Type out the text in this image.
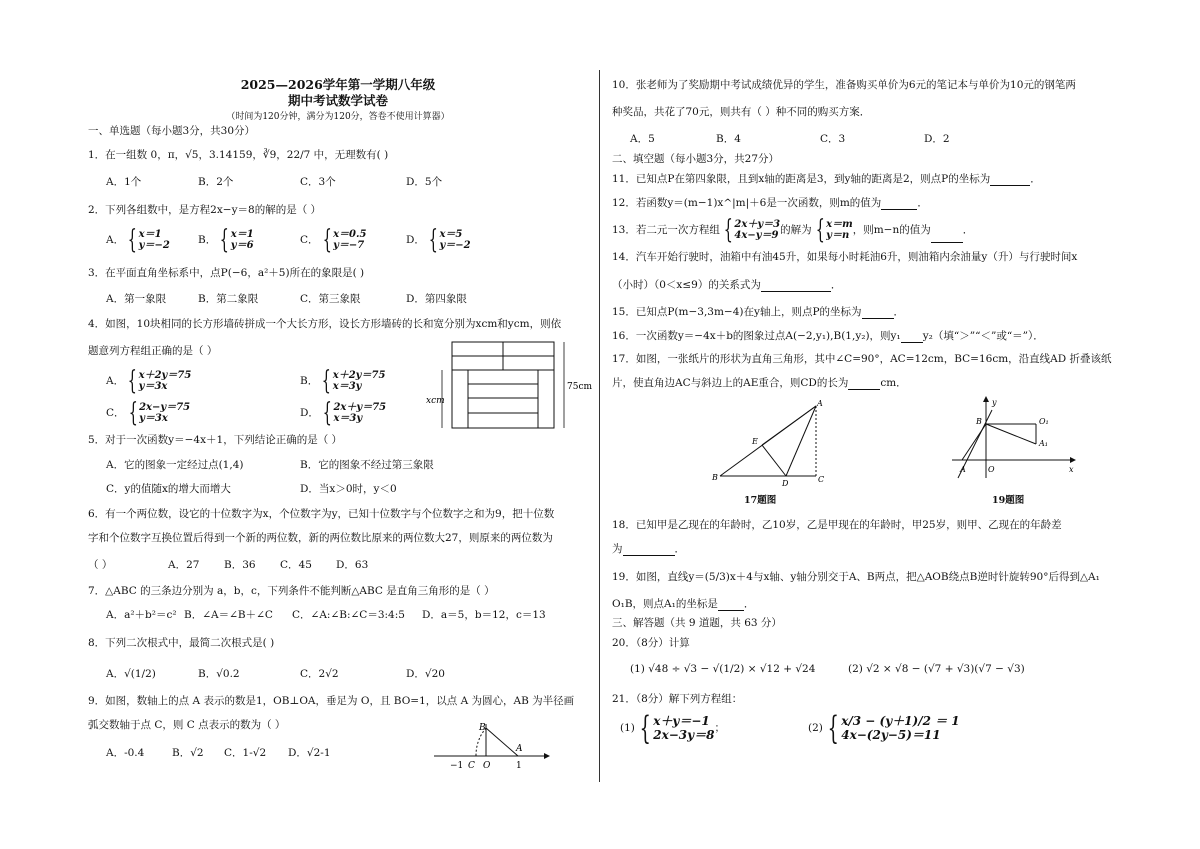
2025—2026学年第一学期八年级
期中考试数学试卷
（时间为120分钟，满分为120分，答卷不使用计算器）
一、单选题（每小题3分，共30分）
1．在一组数 0，π，√5，3.14159，∛9，22/7 中，无理数有( )
A．1个	B．2个	C．3个	D．5个
2．下列各组数中，是方程2x−y＝8的解的是（ ）
A． { x＝1
y＝−2	B． { x＝1
y＝6	C． { x＝0.5
y＝−7	D． { x＝5
y＝−2
3．在平面直角坐标系中，点P(−6，a²＋5)所在的象限是( )
A．第一象限	B．第二象限	C．第三象限	D．第四象限
4．如图，10块相同的长方形墙砖拼成一个大长方形，设长方形墙砖的长和宽分别为xcm和ycm，则依
题意列方程组正确的是（ ）
A． { x＋2y＝75
y＝3x	B． { x＋2y＝75
x＝3y
C． { 2x−y＝75
y＝3x	D． { 2x＋y＝75
x＝3y
75cm
xcm
5．对于一次函数y＝−4x＋1，下列结论正确的是（ ）
A．它的图象一定经过点(1,4)	B．它的图象不经过第三象限
C．y的值随x的增大而增大	D．当x＞0时，y＜0
6．有一个两位数，设它的十位数字为x，个位数字为y，已知十位数字与个位数字之和为9，把十位数
字和个位数字互换位置后得到一个新的两位数，新的两位数比原来的两位数大27，则原来的两位数为
（ ）	A．27 B．36 C．45 D．63
7．△ABC 的三条边分别为 a，b，c，下列条件不能判断△ABC 是直角三角形的是（ ）
A．a²＋b²＝c² B．∠A＝∠B＋∠C C．∠A:∠B:∠C＝3:4:5 D．a＝5，b＝12，c＝13
8．下列二次根式中，最简二次根式是( )
A．√(1/2)	B．√0.2	C．2√2	D．√20
9．如图，数轴上的点 A 表示的数是1，OB⊥OA，垂足为 O，且 BO=1，以点 A 为圆心，AB 为半径画
弧交数轴于点 C，则 C 点表示的数为（ ）
A．-0.4	B．√2 C．1-√2 D．√2-1
B
A
−1 C O	1
10．张老师为了奖励期中考试成绩优异的学生，准备购买单价为6元的笔记本与单价为10元的钢笔两
种奖品，共花了70元，则共有（ ）种不同的购买方案．
A．5	B．4	C．3	D．2
二、填空题（每小题3分，共27分）
11．已知点P在第四象限，且到x轴的距离是3，到y轴的距离是2，则点P的坐标为	．
12．若函数y＝(m−1)x^|m|＋6是一次函数，则m的值为	．
13．若二元一次方程组 { 2x＋y＝3
4x−y＝9 的解为 { x＝m
y＝n ，则m−n的值为	．
14．汽车开始行驶时，油箱中有油45升，如果每小时耗油6升，则油箱内余油量y（升）与行驶时间x
（小时）（0＜x≤9）的关系式为	．
15．已知点P(m−3,3m−4)在y轴上，则点P的坐标为	．
16．一次函数y＝−4x＋b的图象过点A(−2,y₁),B(1,y₂)，则y₁ y₂（填“＞”“＜”或“＝”）．
17．如图，一张纸片的形状为直角三角形，其中∠C=90°，AC=12cm，BC=16cm，沿直线AD 折叠该纸
片，使直角边AC与斜边上的AE重合，则CD的长为	cm．
A
E
B
D	C
17题图
y
B	O₁
A₁
A	O	x
19题图
18．已知甲是乙现在的年龄时，乙10岁，乙是甲现在的年龄时，甲25岁，则甲、乙现在的年龄差
为	．
19．如图，直线y＝(5/3)x＋4与x轴、y轴分别交于A、B两点，把△AOB绕点B逆时针旋转90°后得到△A₁
O₁B，则点A₁的坐标是 ．
三、解答题（共 9 道题，共 63 分）
20．（8分）计算
(1) √48 ÷ √3 − √(1/2) × √12 + √24	(2) √2 × √8 − (√7 + √3)(√7 − √3)
21．（8分）解下列方程组：
(1) { x＋y＝−1
2x−3y＝8 ；	(2) { x/3 − (y＋1)/2 ＝ 1
4x−(2y−5)＝11
